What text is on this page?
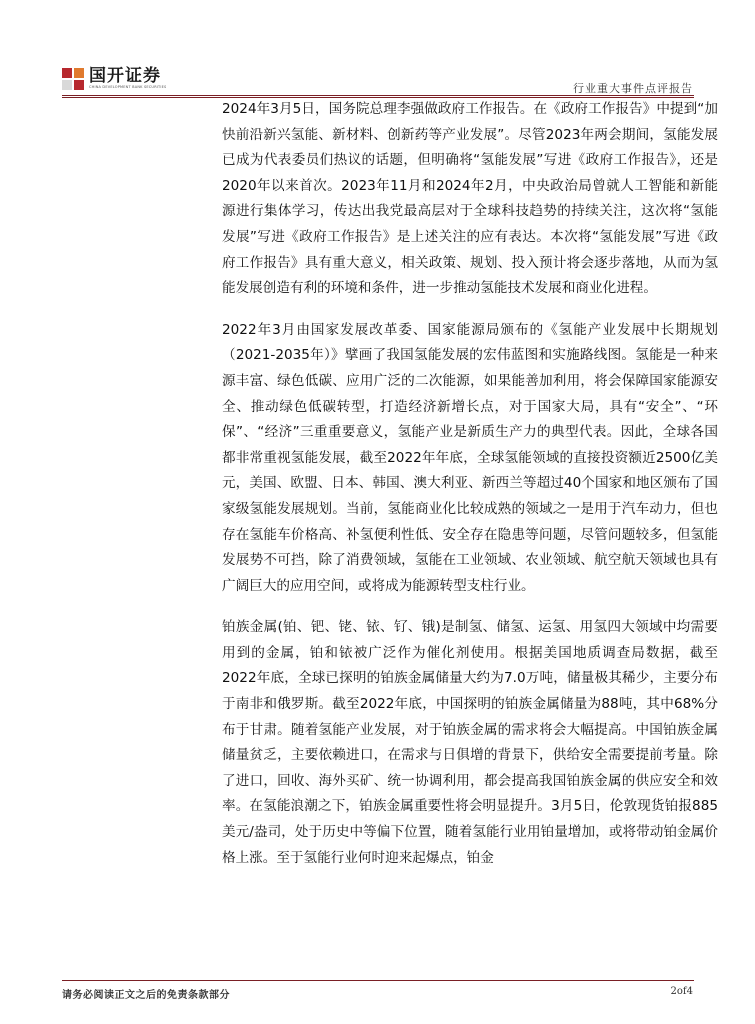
国开证券
CHINA DEVELOPMENT BANK SECURITIES	行业重大事件点评报告

2024年3月5日，国务院总理李强做政府工作报告。在《政府工作报告》中提到“加快前沿新兴氢能、新材料、创新药等产业发展”。尽管2023年两会期间，氢能发展已成为代表委员们热议的话题，但明确将“氢能发展”写进《政府工作报告》，还是2020年以来首次。2023年11月和2024年2月，中央政治局曾就人工智能和新能源进行集体学习，传达出我党最高层对于全球科技趋势的持续关注，这次将“氢能发展”写进《政府工作报告》是上述关注的应有表达。本次将“氢能发展”写进《政府工作报告》具有重大意义，相关政策、规划、投入预计将会逐步落地，从而为氢能发展创造有利的环境和条件，进一步推动氢能技术发展和商业化进程。

2022年3月由国家发展改革委、国家能源局颁布的《氢能产业发展中长期规划（2021-2035年）》擘画了我国氢能发展的宏伟蓝图和实施路线图。氢能是一种来源丰富、绿色低碳、应用广泛的二次能源，如果能善加利用，将会保障国家能源安全、推动绿色低碳转型，打造经济新增长点，对于国家大局，具有“安全”、“环保”、“经济”三重重要意义，氢能产业是新质生产力的典型代表。因此，全球各国都非常重视氢能发展，截至2022年年底，全球氢能领域的直接投资额近2500亿美元，美国、欧盟、日本、韩国、澳大利亚、新西兰等超过40个国家和地区颁布了国家级氢能发展规划。当前，氢能商业化比较成熟的领域之一是用于汽车动力，但也存在氢能车价格高、补氢便利性低、安全存在隐患等问题，尽管问题较多，但氢能发展势不可挡，除了消费领域，氢能在工业领域、农业领域、航空航天领域也具有广阔巨大的应用空间，或将成为能源转型支柱行业。

铂族金属(铂、钯、铑、铱、钌、锇)是制氢、储氢、运氢、用氢四大领域中均需要用到的金属，铂和铱被广泛作为催化剂使用。根据美国地质调查局数据，截至2022年底，全球已探明的铂族金属储量大约为7.0万吨，储量极其稀少，主要分布于南非和俄罗斯。截至2022年底，中国探明的铂族金属储量为88吨，其中68%分布于甘肃。随着氢能产业发展，对于铂族金属的需求将会大幅提高。中国铂族金属储量贫乏，主要依赖进口，在需求与日俱增的背景下，供给安全需要提前考量。除了进口，回收、海外买矿、统一协调利用，都会提高我国铂族金属的供应安全和效率。在氢能浪潮之下，铂族金属重要性将会明显提升。3月5日，伦敦现货铂报885美元/盎司，处于历史中等偏下位置，随着氢能行业用铂量增加，或将带动铂金属价格上涨。至于氢能行业何时迎来起爆点，铂金

请务必阅读正文之后的免责条款部分	2of4
